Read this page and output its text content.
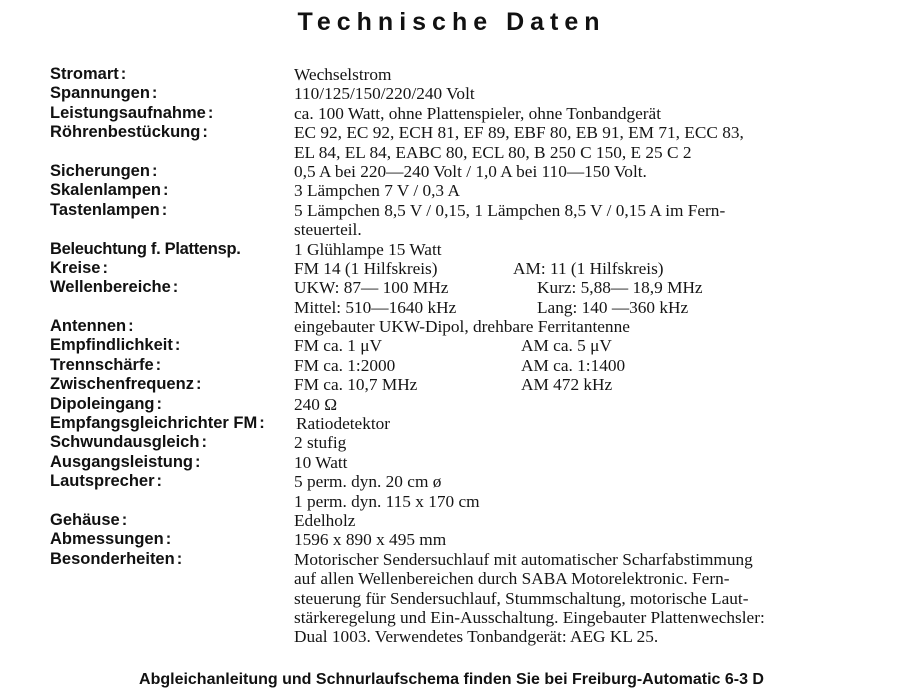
Technische Daten
Stromart :	Wechselstrom
Spannungen :	110/125/150/220/240 Volt
Leistungsaufnahme :	ca. 100 Watt, ohne Plattenspieler, ohne Tonbandgerät
Röhrenbestückung :	EC 92, EC 92, ECH 81, EF 89, EBF 80, EB 91, EM 71, ECC 83,
EL 84, EL 84, EABC 80, ECL 80, B 250 C 150, E 25 C 2
Sicherungen :	0,5 A bei 220—240 Volt / 1,0 A bei 110—150 Volt.
Skalenlampen :	3 Lämpchen 7 V / 0,3 A
Tastenlampen :	5 Lämpchen 8,5 V / 0,15, 1 Lämpchen 8,5 V / 0,15 A im Fern-
steuerteil.
Beleuchtung f. Plattensp.	1 Glühlampe 15 Watt
Kreise :	FM 14 (1 Hilfskreis)	AM: 11 (1 Hilfskreis)
Wellenbereiche :	UKW: 87— 100 MHz	Kurz: 5,88— 18,9 MHz
Mittel: 510—1640 kHz	Lang: 140 —360 kHz
Antennen :	eingebauter UKW-Dipol, drehbare Ferritantenne
Empfindlichkeit :	FM ca. 1 μV	AM ca. 5 μV
Trennschärfe :	FM ca. 1:2000	AM ca. 1:1400
Zwischenfrequenz :	FM ca. 10,7 MHz	AM 472 kHz
Dipoleingang :	240 Ω
Empfangsgleichrichter FM : Ratiodetektor
Schwundausgleich :	2 stufig
Ausgangsleistung :	10 Watt
Lautsprecher :	5 perm. dyn. 20 cm ø
1 perm. dyn. 115 x 170 cm
Gehäuse :	Edelholz
Abmessungen :	1596 x 890 x 495 mm
Besonderheiten :	Motorischer Sendersuchlauf mit automatischer Scharfabstimmung
auf allen Wellenbereichen durch SABA Motorelektronic. Fern-
steuerung für Sendersuchlauf, Stummschaltung, motorische Laut-
stärkeregelung und Ein-Ausschaltung. Eingebauter Plattenwechsler:
Dual 1003. Verwendetes Tonbandgerät: AEG KL 25.
Abgleichanleitung und Schnurlaufschema finden Sie bei Freiburg-Automatic 6-3 D
